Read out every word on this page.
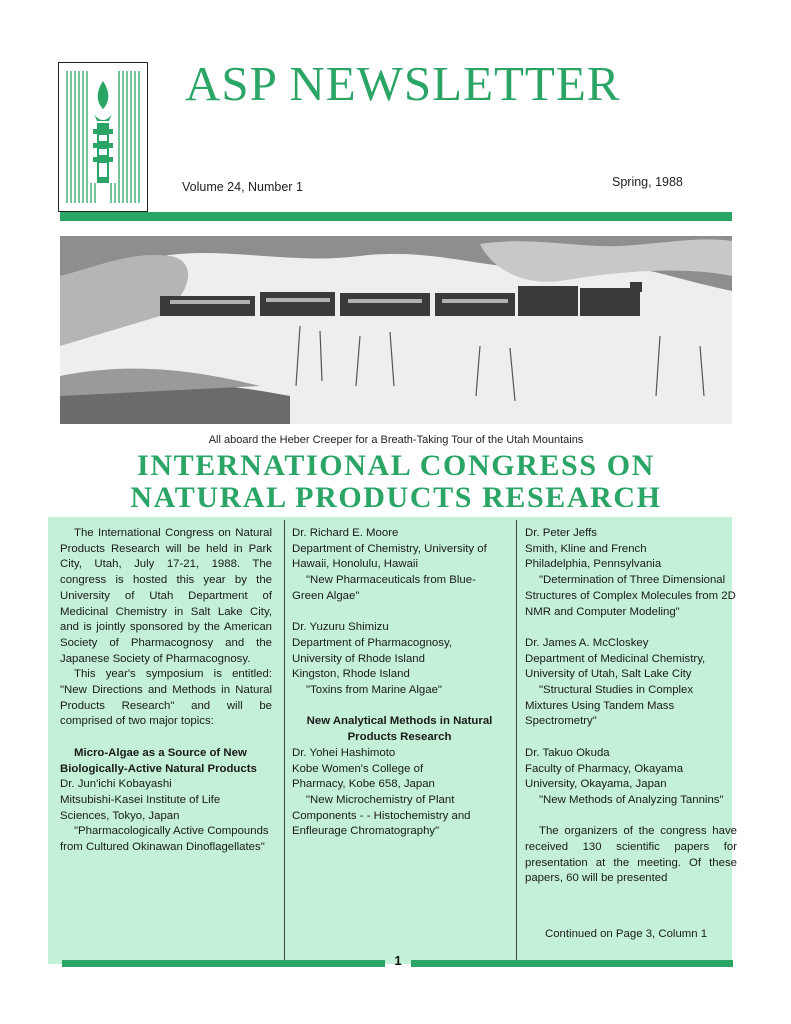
ASP NEWSLETTER
Volume 24, Number 1	Spring, 1988
All aboard the Heber Creeper for a Breath-Taking Tour of the Utah Mountains
INTERNATIONAL CONGRESS ON
NATURAL PRODUCTS RESEARCH

The International Congress on Natural Products Research will be held in Park City, Utah, July 17-21, 1988. The congress is hosted this year by the University of Utah Department of Medicinal Chemistry in Salt Lake City, and is jointly sponsored by the American Society of Pharmacognosy and the Japanese Society of Pharmacognosy.

This year's symposium is entitled: "New Directions and Methods in Natural Products Research" and will be comprised of two major topics:

Micro-Algae as a Source of New

Biologically-Active Natural Products

Dr. Jun'ichi Kobayashi

Mitsubishi-Kasei Institute of Life Sciences, Tokyo, Japan

"Pharmacologically Active Compounds from Cultured Okinawan Dinoflagellates"

Dr. Richard E. Moore

Department of Chemistry, University of Hawaii, Honolulu, Hawaii

"New Pharmaceuticals from Blue-Green Algae"

Dr. Yuzuru Shimizu

Department of Pharmacognosy,

University of Rhode Island

Kingston, Rhode Island

"Toxins from Marine Algae"

New Analytical Methods in Natural

Products Research

Dr. Yohei Hashimoto

Kobe Women's College of

Pharmacy, Kobe 658, Japan

"New Microchemistry of Plant Components - - Histochemistry and Enfleurage Chromatography"

Dr. Peter Jeffs

Smith, Kline and French

Philadelphia, Pennsylvania

"Determination of Three Dimensional Structures of Complex Molecules from 2D NMR and Computer Modeling"

Dr. James A. McCloskey

Department of Medicinal Chemistry, University of Utah, Salt Lake City

"Structural Studies in Complex Mixtures Using Tandem Mass Spectrometry"

Dr. Takuo Okuda

Faculty of Pharmacy, Okayama University, Okayama, Japan

"New Methods of Analyzing Tannins"

The organizers of the congress have received 130 scientific papers for presentation at the meeting. Of these papers, 60 will be presented

Continued on Page 3, Column 1
1
